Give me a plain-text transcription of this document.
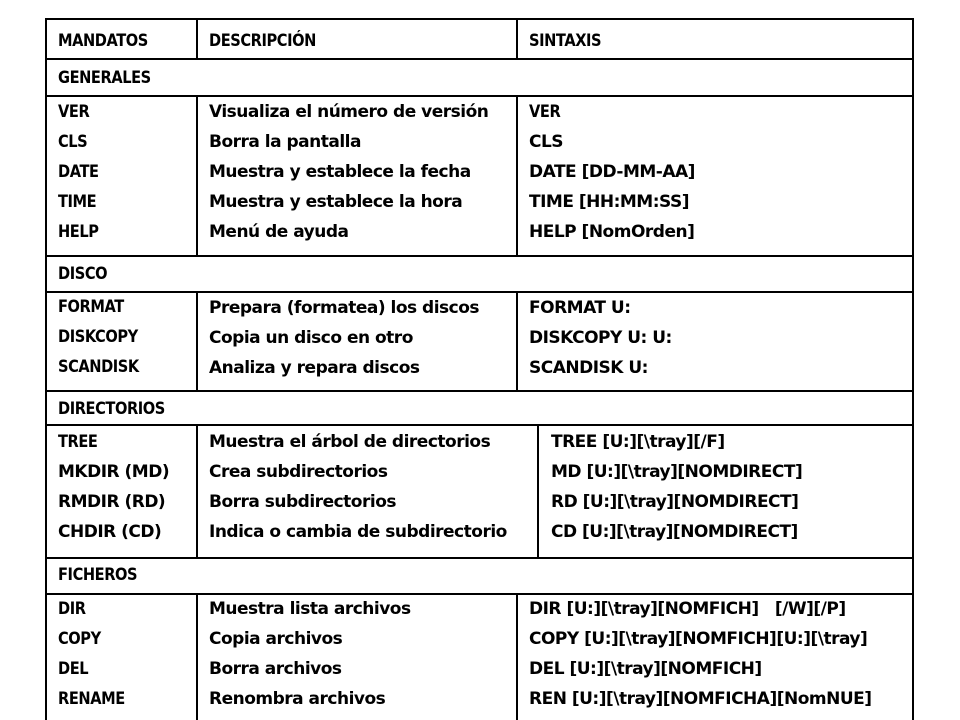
MANDATOS	DESCRIPCIÓN	SINTAXIS
GENERALES
VER
CLS
DATE
TIME
HELP
Visualiza el número de versión
Borra la pantalla
Muestra y establece la fecha
Muestra y establece la hora
Menú de ayuda
VER
CLS
DATE [DD-MM-AA]
TIME [HH:MM:SS]
HELP [NomOrden]
DISCO
FORMAT
DISKCOPY
SCANDISK
Prepara (formatea) los discos
Copia un disco en otro
Analiza y repara discos
FORMAT U:
DISKCOPY U: U:
SCANDISK U:
DIRECTORIOS
TREE
MKDIR (MD)
RMDIR (RD)
CHDIR (CD)
Muestra el árbol de directorios
Crea subdirectorios
Borra subdirectorios
Indica o cambia de subdirectorio
TREE [U:][\tray][/F]
MD [U:][\tray][NOMDIRECT]
RD [U:][\tray][NOMDIRECT]
CD [U:][\tray][NOMDIRECT]
FICHEROS
DIR
COPY
DEL
RENAME
Muestra lista archivos
Copia archivos
Borra archivos
Renombra archivos
DIR [U:][\tray][NOMFICH]   [/W][/P]
COPY [U:][\tray][NOMFICH][U:][\tray]
DEL [U:][\tray][NOMFICH]
REN [U:][\tray][NOMFICHA][NomNUE]
